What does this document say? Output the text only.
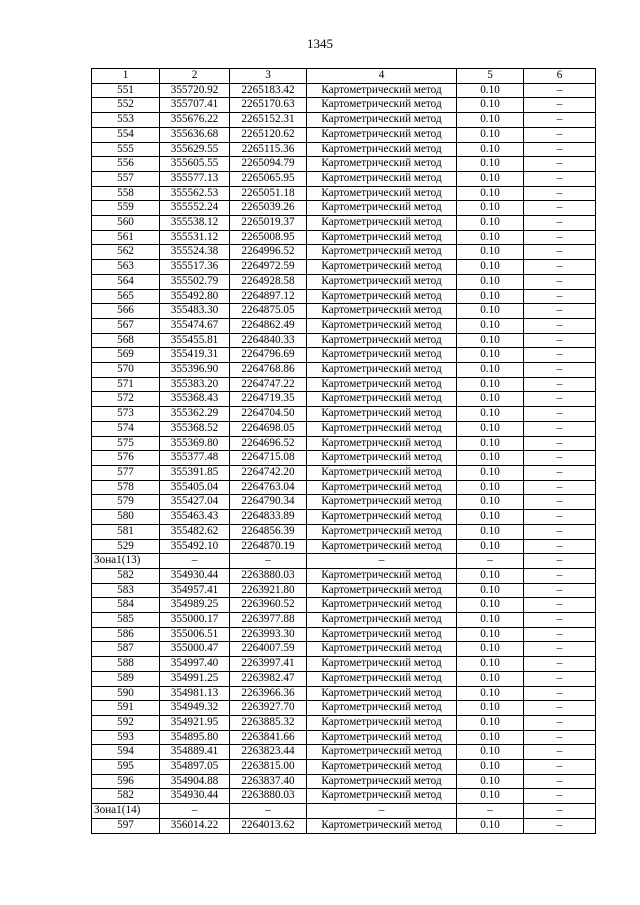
1345
1	2	3	4	5	6
551	355720.92	2265183.42	Картометрический метод	0.10	–
552	355707.41	2265170.63	Картометрический метод	0.10	–
553	355676.22	2265152.31	Картометрический метод	0.10	–
554	355636.68	2265120.62	Картометрический метод	0.10	–
555	355629.55	2265115.36	Картометрический метод	0.10	–
556	355605.55	2265094.79	Картометрический метод	0.10	–
557	355577.13	2265065.95	Картометрический метод	0.10	–
558	355562.53	2265051.18	Картометрический метод	0.10	–
559	355552.24	2265039.26	Картометрический метод	0.10	–
560	355538.12	2265019.37	Картометрический метод	0.10	–
561	355531.12	2265008.95	Картометрический метод	0.10	–
562	355524.38	2264996.52	Картометрический метод	0.10	–
563	355517.36	2264972.59	Картометрический метод	0.10	–
564	355502.79	2264928.58	Картометрический метод	0.10	–
565	355492.80	2264897.12	Картометрический метод	0.10	–
566	355483.30	2264875.05	Картометрический метод	0.10	–
567	355474.67	2264862.49	Картометрический метод	0.10	–
568	355455.81	2264840.33	Картометрический метод	0.10	–
569	355419.31	2264796.69	Картометрический метод	0.10	–
570	355396.90	2264768.86	Картометрический метод	0.10	–
571	355383.20	2264747.22	Картометрический метод	0.10	–
572	355368.43	2264719.35	Картометрический метод	0.10	–
573	355362.29	2264704.50	Картометрический метод	0.10	–
574	355368.52	2264698.05	Картометрический метод	0.10	–
575	355369.80	2264696.52	Картометрический метод	0.10	–
576	355377.48	2264715.08	Картометрический метод	0.10	–
577	355391.85	2264742.20	Картометрический метод	0.10	–
578	355405.04	2264763.04	Картометрический метод	0.10	–
579	355427.04	2264790.34	Картометрический метод	0.10	–
580	355463.43	2264833.89	Картометрический метод	0.10	–
581	355482.62	2264856.39	Картометрический метод	0.10	–
529	355492.10	2264870.19	Картометрический метод	0.10	–
Зона1(13)	–	–	–	–	–
582	354930.44	2263880.03	Картометрический метод	0.10	–
583	354957.41	2263921.80	Картометрический метод	0.10	–
584	354989.25	2263960.52	Картометрический метод	0.10	–
585	355000.17	2263977.88	Картометрический метод	0.10	–
586	355006.51	2263993.30	Картометрический метод	0.10	–
587	355000.47	2264007.59	Картометрический метод	0.10	–
588	354997.40	2263997.41	Картометрический метод	0.10	–
589	354991.25	2263982.47	Картометрический метод	0.10	–
590	354981.13	2263966.36	Картометрический метод	0.10	–
591	354949.32	2263927.70	Картометрический метод	0.10	–
592	354921.95	2263885.32	Картометрический метод	0.10	–
593	354895.80	2263841.66	Картометрический метод	0.10	–
594	354889.41	2263823.44	Картометрический метод	0.10	–
595	354897.05	2263815.00	Картометрический метод	0.10	–
596	354904.88	2263837.40	Картометрический метод	0.10	–
582	354930.44	2263880.03	Картометрический метод	0.10	–
Зона1(14)	–	–	–	–	–
597	356014.22	2264013.62	Картометрический метод	0.10	–
